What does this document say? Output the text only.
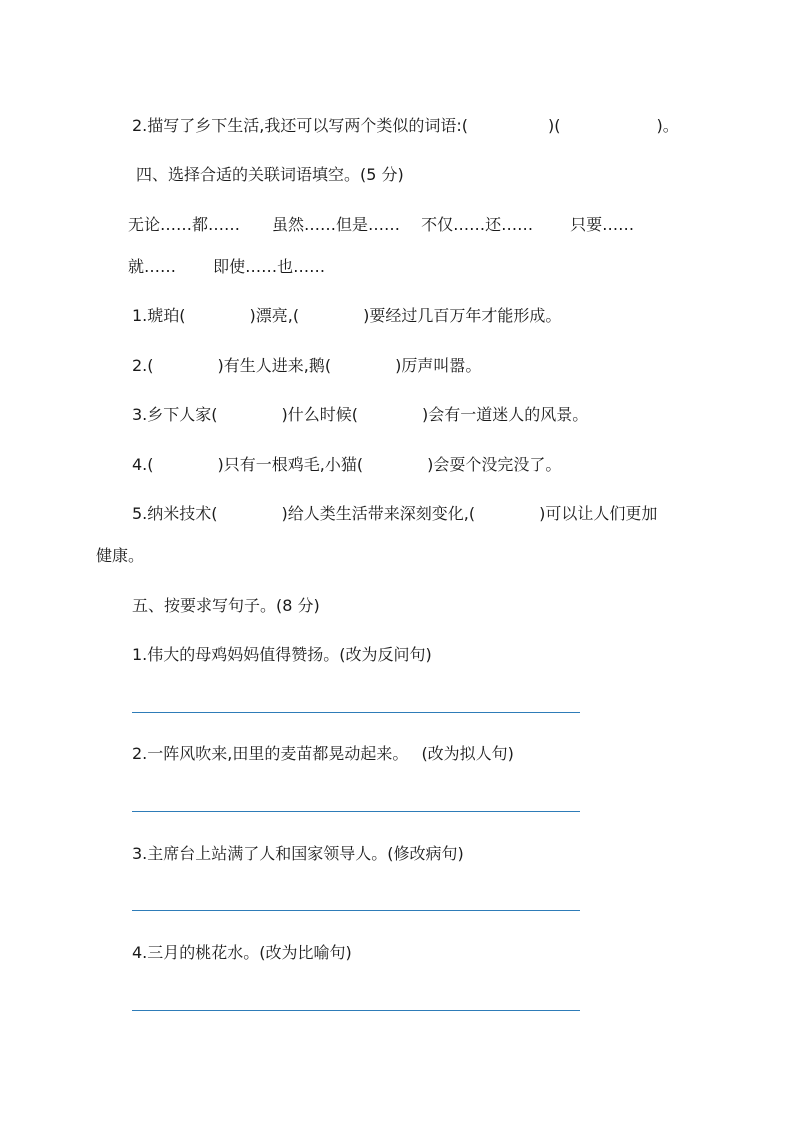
2.描写了乡下生活,我还可以写两个类似的词语:(　　　　　)(　　　　　　)。
四、选择合适的关联词语填空。(5 分)
无论……都……　　虽然……但是……　 不仅……还……　　 只要……
就……　　 即使……也……
1.琥珀(　　　　)漂亮,(　　　　)要经过几百万年才能形成。
2.(　　　　)有生人进来,鹅(　　　　)厉声叫嚣。
3.乡下人家(　　　　)什么时候(　　　　)会有一道迷人的风景。
4.(　　　　)只有一根鸡毛,小猫(　　　　)会耍个没完没了。
5.纳米技术(　　　　)给人类生活带来深刻变化,(　　　　)可以让人们更加
健康。
五、按要求写句子。(8 分)
1.伟大的母鸡妈妈值得赞扬。(改为反问句)
2.一阵风吹来,田里的麦苗都晃动起来。　 (改为拟人句)
3.主席台上站满了人和国家领导人。(修改病句)
4.三月的桃花水。(改为比喻句)
